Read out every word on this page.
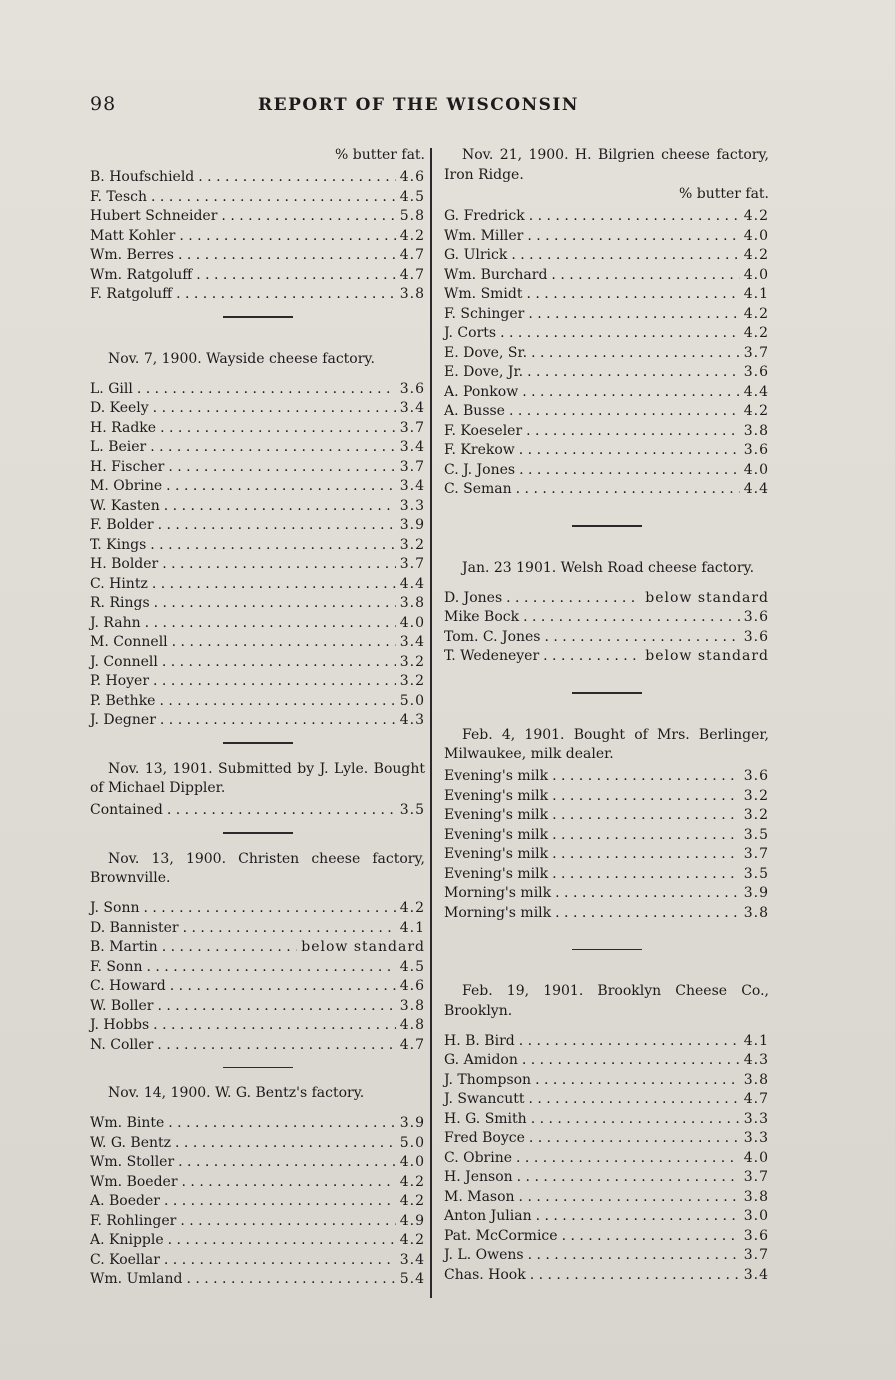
98	REPORT OF THE WISCONSIN
% butter fat.
B. Houfschield . . .	4.6
F. Tesch . . .	4.5
Hubert Schneider . . .	5.8
Matt Kohler . . .	4.2
Wm. Berres . . .	4.7
Wm. Ratgoluff . . .	4.7
F. Ratgoluff . . .	3.8
Nov. 7, 1900. Wayside cheese factory.
L. Gill . . .	3.6
D. Keely . . .	3.4
H. Radke . . .	3.7
L. Beier . . .	3.4
H. Fischer . . .	3.7
M. Obrine . . .	3.4
W. Kasten . . .	3.3
F. Bolder . . .	3.9
T. Kings . . .	3.2
H. Bolder . . .	3.7
C. Hintz . . .	4.4
R. Rings . . .	3.8
J. Rahn . . .	4.0
M. Connell . . .	3.4
J. Connell . . .	3.2
P. Hoyer . . .	3.2
P. Bethke . . .	5.0
J. Degner . . .	4.3
Nov. 13, 1901. Submitted by J. Lyle. Bought of Michael Dippler.
Contained . . .	3.5
Nov. 13, 1900. Christen cheese factory, Brownville.
J. Sonn . . .	4.2
D. Bannister . . .	4.1
B. Martin . . .	below standard
F. Sonn . . .	4.5
C. Howard . . .	4.6
W. Boller . . .	3.8
J. Hobbs . . .	4.8
N. Coller . . .	4.7
Nov. 14, 1900. W. G. Bentz's factory.
Wm. Binte . . .	3.9
W. G. Bentz . . .	5.0
Wm. Stoller . . .	4.0
Wm. Boeder . . .	4.2
A. Boeder . . .	4.2
F. Rohlinger . . .	4.9
A. Knipple . . .	4.2
C. Koellar . . .	3.4
Wm. Umland . . .	5.4
Nov. 21, 1900. H. Bilgrien cheese factory, Iron Ridge.
% butter fat.
G. Fredrick . . .	4.2
Wm. Miller . . .	4.0
G. Ulrick . . .	4.2
Wm. Burchard . . .	4.0
Wm. Smidt . . .	4.1
F. Schinger . . .	4.2
J. Corts . . .	4.2
E. Dove, Sr. . . .	3.7
E. Dove, Jr. . . .	3.6
A. Ponkow . . .	4.4
A. Busse . . .	4.2
F. Koeseler . . .	3.8
F. Krekow . . .	3.6
C. J. Jones . . .	4.0
C. Seman . . .	4.4
Jan. 23 1901. Welsh Road cheese factory.
D. Jones . . .	below standard
Mike Bock . . .	3.6
Tom. C. Jones . . .	3.6
T. Wedeneyer . . .	below standard
Feb. 4, 1901. Bought of Mrs. Berlinger, Milwaukee, milk dealer.
Evening's milk . . .	3.6
Evening's milk . . .	3.2
Evening's milk . . .	3.2
Evening's milk . . .	3.5
Evening's milk . . .	3.7
Evening's milk . . .	3.5
Morning's milk . . .	3.9
Morning's milk . . .	3.8
Feb. 19, 1901. Brooklyn Cheese Co., Brooklyn.
H. B. Bird . . .	4.1
G. Amidon . . .	4.3
J. Thompson . . .	3.8
J. Swancutt . . .	4.7
H. G. Smith . . .	3.3
Fred Boyce . . .	3.3
C. Obrine . . .	4.0
H. Jenson . . .	3.7
M. Mason . . .	3.8
Anton Julian . . .	3.0
Pat. McCormice . . .	3.6
J. L. Owens . . .	3.7
Chas. Hook . . .	3.4
